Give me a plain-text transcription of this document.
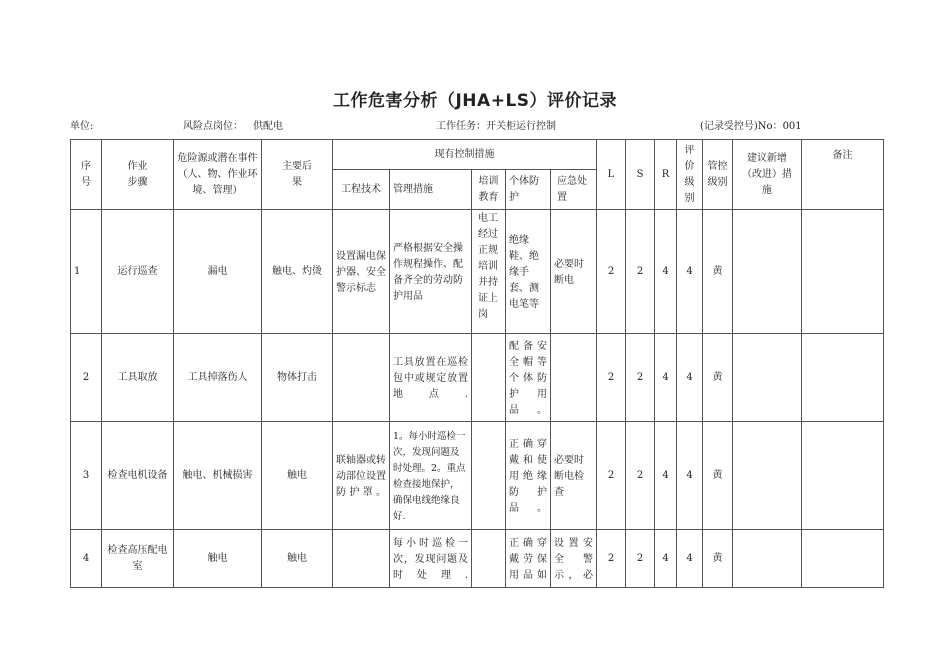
工作危害分析（JHA+LS）评价记录
单位:	风险点岗位： 供配电	工作任务：开关柜运行控制	(记录受控号)No：001
序号	作业步骤	危险源或潜在事件（人、物、作业环境、管理）	主要后果	现有控制措施					L	S	R	评价级别	管控级别	建议新增（改进）措施	备注
				工程技术	管理措施	培训教育	个体防护	应急处置							
1	运行巡查	漏电	触电、灼烫	设置漏电保护器、安全警示标志	严格根据安全操作规程操作、配备齐全的劳动防护用品	电工经过正规培训并持证上岗	绝缘鞋、绝缘手套、测电笔等	必要时断电	2	2	4	4	黄		
2	工具取放	工具掉落伤人	物体打击		工具放置在巡检包中或规定放置地点.		配备安全帽等个体防护用品。		2	2	4	4	黄		
3	检查电机设备	触电、机械损害	触电	联轴器或转动部位设置防护罩。	1。每小时巡检一次，发现问题及时处理。2。重点检查接地保护，确保电线绝缘良好.		正确穿戴和使用绝缘防护品。	必要时断电检查	2	2	4	4	黄		
4	检查高压配电室	触电	触电		每小时巡检一次，发现问题及时处理.		正确穿戴劳保用品如	设置安全警示，必	2	2	4	4	黄		
